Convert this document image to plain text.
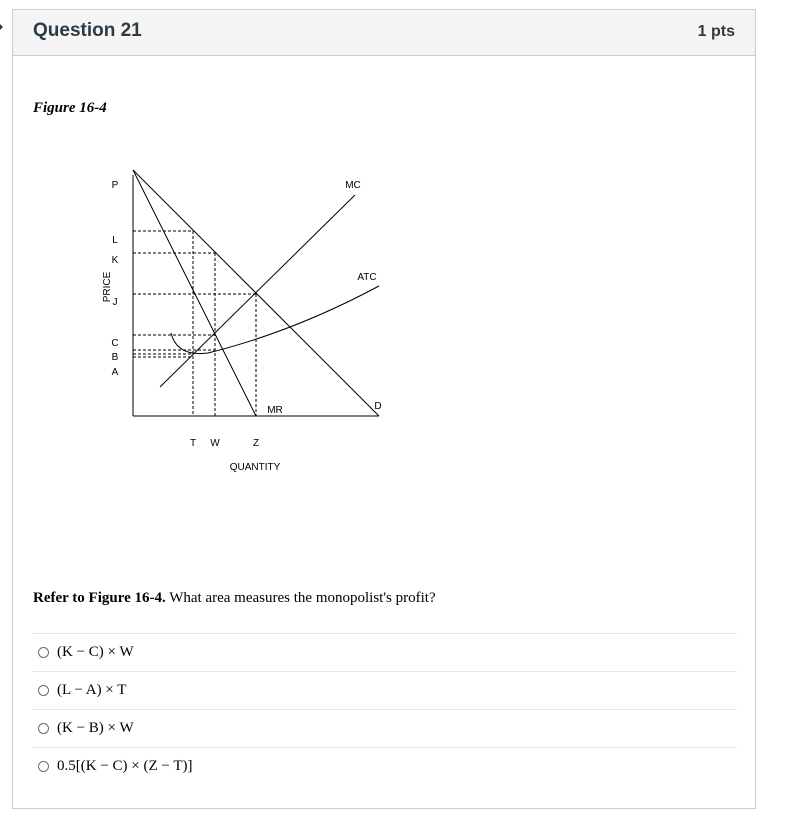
Question 21	1 pts
Figure 16-4
PRICE
P
L
K
J
C
B
A
T W	Z
MC
ATC
MR	D
QUANTITY
Refer to Figure 16-4. What area measures the monopolist's profit?
(K − C) × W
(L − A) × T
(K − B) × W
0.5[(K − C) × (Z − T)]
